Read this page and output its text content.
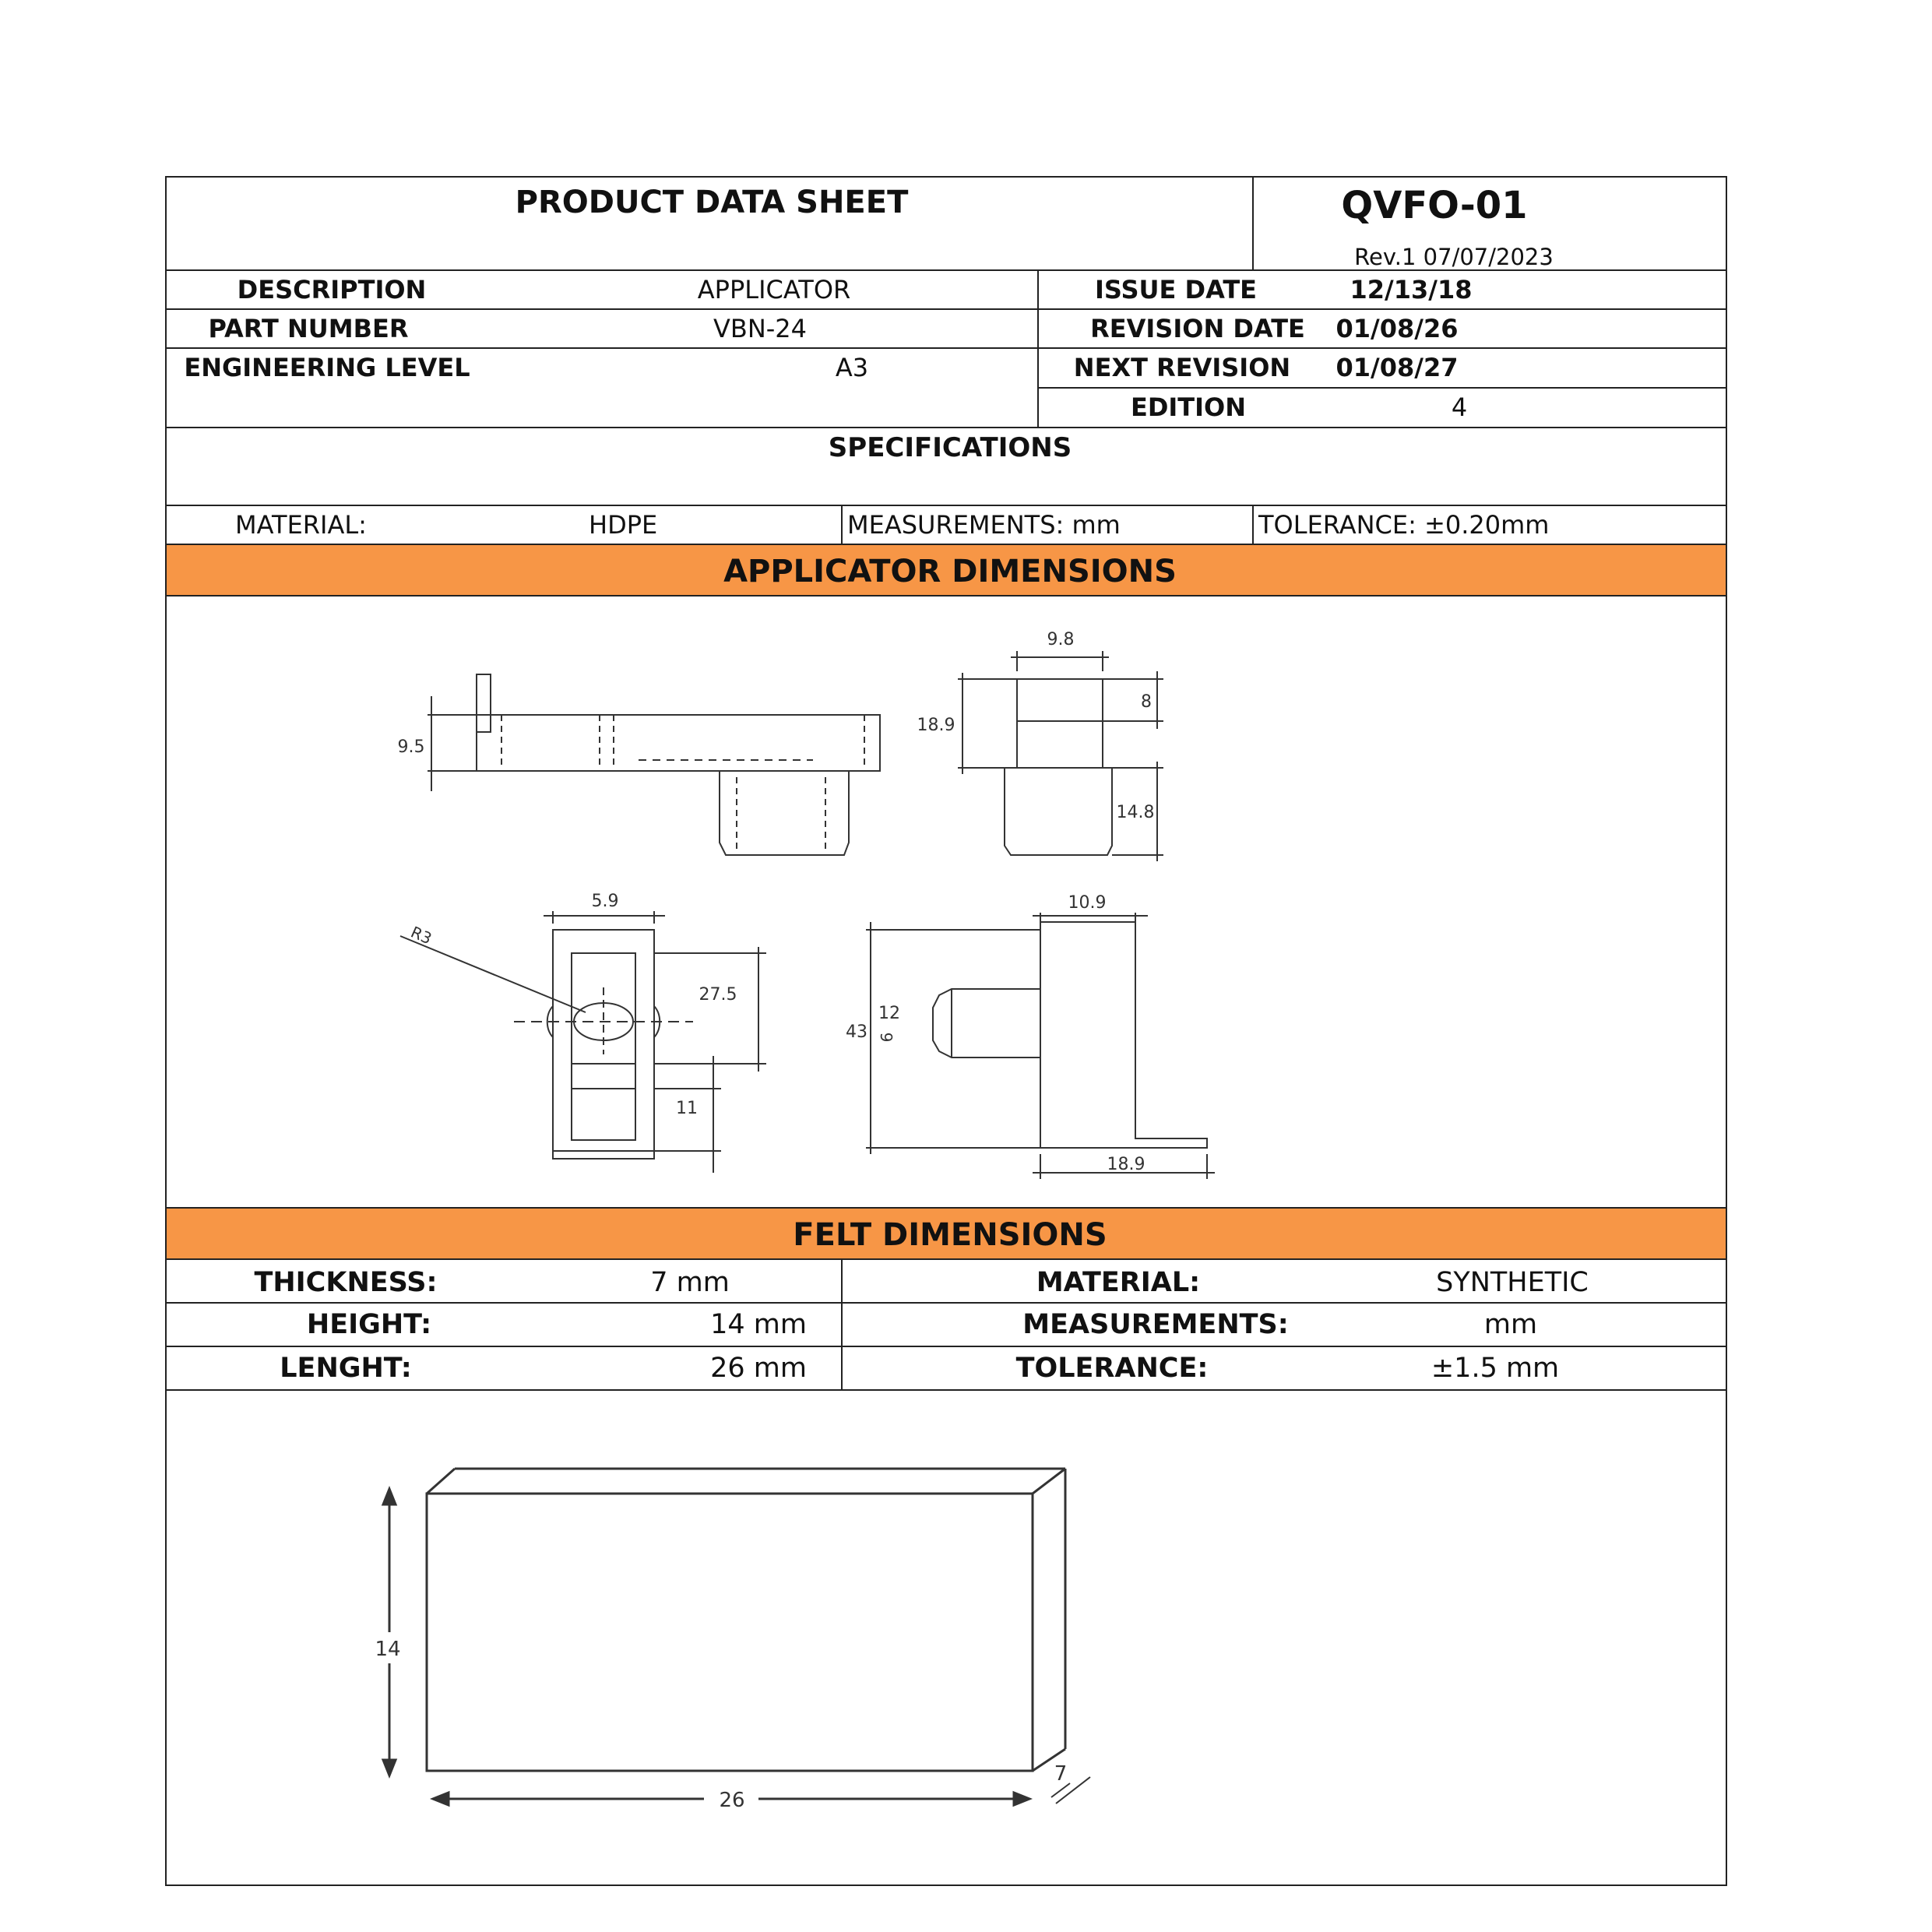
PRODUCT DATA SHEET	QVFO-01
Rev.1 07/07/2023
DESCRIPTION	APPLICATOR
PART NUMBER	VBN-24
ENGINEERING LEVEL	A3
ISSUE DATE	12/13/18
REVISION DATE 01/08/26
NEXT REVISION 01/08/27
EDITION	4
SPECIFICATIONS
MATERIAL:	HDPE	MEASUREMENTS: mm	TOLERANCE: ±0.20mm
APPLICATOR DIMENSIONS
9.5
9.8
18.9
8
14.8
5.9
27.5
11
R3
10.9
43
12
6
18.9
FELT DIMENSIONS
THICKNESS:	7 mm
HEIGHT:	14 mm
LENGHT:	26 mm
MATERIAL:	SYNTHETIC
MEASUREMENTS:	mm
TOLERANCE:	±1.5 mm
14
26
7
